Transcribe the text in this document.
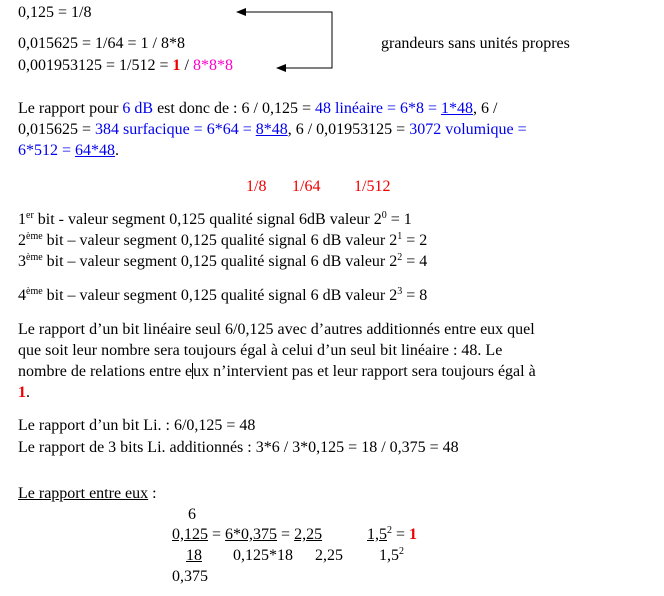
0,125 = 1/8
0,015625 = 1/64 = 1 / 8*8
0,001953125 = 1/512 = 1 / 8*8*8
grandeurs sans unités propres
Le rapport pour 6 dB est donc de : 6 / 0,125 = 48 linéaire = 6*8 = 1*48, 6 /
0,015625 = 384 surfacique = 6*64 = 8*48, 6 / 0,01953125 = 3072 volumique =
6*512 = 64*48.
1/8 1/64 1/512
1er bit - valeur segment 0,125 qualité signal 6dB valeur $2^0 = 1$
2ème bit – valeur segment 0,125 qualité signal 6 dB valeur $2^1 = 2$
3ème bit – valeur segment 0,125 qualité signal 6 dB valeur $2^2 = 4$
4ème bit – valeur segment 0,125 qualité signal 6 dB valeur $2^3 = 8$
Le rapport d’un bit linéaire seul 6/0,125 avec d’autres additionnés entre eux quel
que soit leur nombre sera toujours égal à celui d’un seul bit linéaire : 48. Le
nombre de relations entre eux n’intervient pas et leur rapport sera toujours égal à
1.
Le rapport d’un bit Li. : 6/0,125 = 48
Le rapport de 3 bits Li. additionnés : 3*6 / 3*0,125 = 18 / 0,375 = 48
Le rapport entre eux :
6
0,125 = 6*0,375 = 2,25	$1,5^2 = 1$
18 0,125*18 2,25 $1,5^2$
0,375
